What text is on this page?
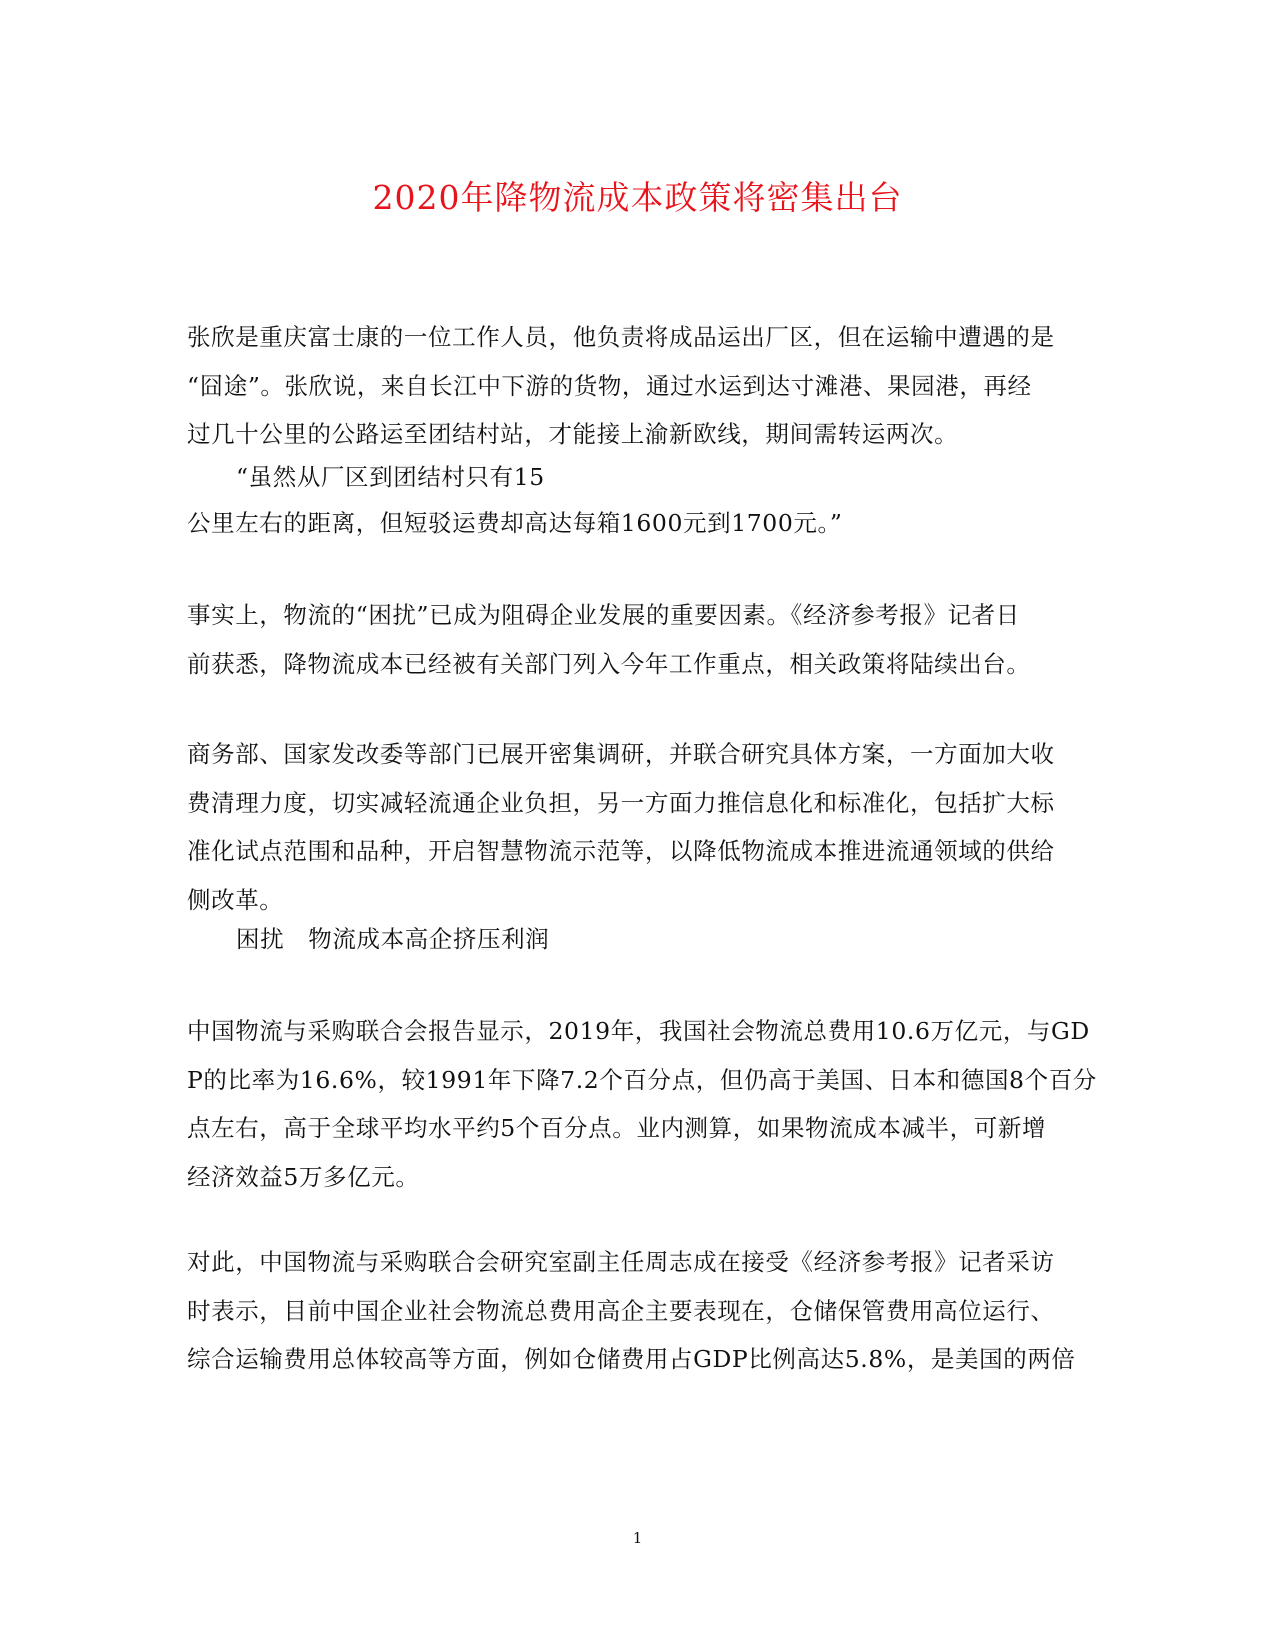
2020年降物流成本政策将密集出台
张欣是重庆富士康的一位工作人员，他负责将成品运出厂区，但在运输中遭遇的是
“囧途”。张欣说，来自长江中下游的货物，通过水运到达寸滩港、果园港，再经
过几十公里的公路运至团结村站，才能接上渝新欧线，期间需转运两次。
“虽然从厂区到团结村只有15
公里左右的距离，但短驳运费却高达每箱1600元到1700元。”
事实上，物流的“困扰”已成为阻碍企业发展的重要因素。《经济参考报》记者日
前获悉，降物流成本已经被有关部门列入今年工作重点，相关政策将陆续出台。
商务部、国家发改委等部门已展开密集调研，并联合研究具体方案，一方面加大收
费清理力度，切实减轻流通企业负担，另一方面力推信息化和标准化，包括扩大标
准化试点范围和品种，开启智慧物流示范等，以降低物流成本推进流通领域的供给
侧改革。
困扰　物流成本高企挤压利润
中国物流与采购联合会报告显示，2019年，我国社会物流总费用10.6万亿元，与GD
P的比率为16.6%，较1991年下降7.2个百分点，但仍高于美国、日本和德国8个百分
点左右，高于全球平均水平约5个百分点。业内测算，如果物流成本减半，可新增
经济效益5万多亿元。
对此，中国物流与采购联合会研究室副主任周志成在接受《经济参考报》记者采访
时表示，目前中国企业社会物流总费用高企主要表现在，仓储保管费用高位运行、
综合运输费用总体较高等方面，例如仓储费用占GDP比例高达5.8%，是美国的两倍
1
